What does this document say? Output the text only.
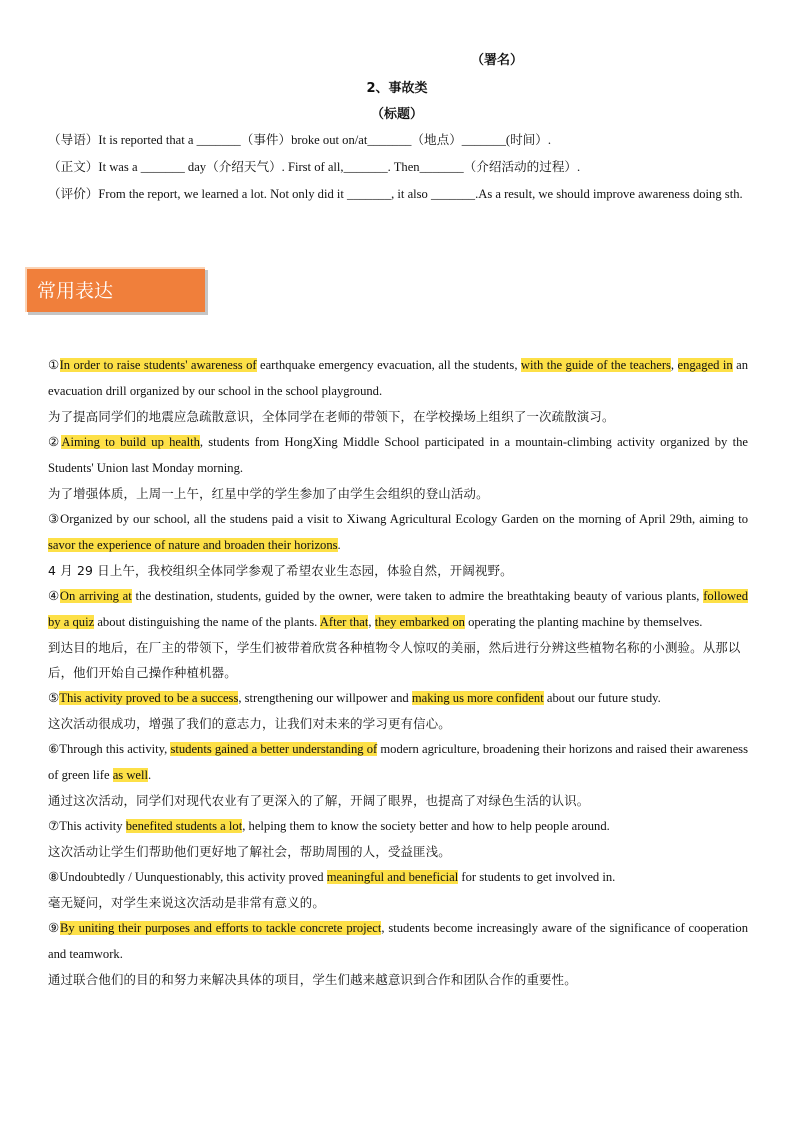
（署名）
2、事故类
（标题）

（导语）It is reported that a _______（事件）broke out on/at_______（地点）_______(时间）.

（正文）It was a _______ day（介绍天气）. First of all,_______. Then_______（介绍活动的过程）.

（评价）From the report, we learned a lot. Not only did it _______, it also _______.As a result, we should improve awareness doing sth.

常用表达

①In order to raise students' awareness of earthquake emergency evacuation, all the students, with the guide of the teachers, engaged in an evacuation drill organized by our school in the school playground.

为了提高同学们的地震应急疏散意识，全体同学在老师的带领下，在学校操场上组织了一次疏散演习。

②Aiming to build up health, students from HongXing Middle School participated in a mountain-climbing activity organized by the Students' Union last Monday morning.

为了增强体质，上周一上午，红星中学的学生参加了由学生会组织的登山活动。

③Organized by our school, all the studens paid a visit to Xiwang Agricultural Ecology Garden on the morning of April 29th, aiming to savor the experience of nature and broaden their horizons.

4 月 29 日上午，我校组织全体同学参观了希望农业生态园，体验自然，开阔视野。

④On arriving at the destination, students, guided by the owner, were taken to admire the breathtaking beauty of various plants, followed by a quiz about distinguishing the name of the plants. After that, they embarked on operating the planting machine by themselves.

到达目的地后，在厂主的带领下，学生们被带着欣赏各种植物令人惊叹的美丽，然后进行分辨这些植物名称的小测验。从那以后，他们开始自己操作种植机器。

⑤This activity proved to be a success, strengthening our willpower and making us more confident about our future study.

这次活动很成功，增强了我们的意志力，让我们对未来的学习更有信心。

⑥Through this activity, students gained a better understanding of modern agriculture, broadening their horizons and raised their awareness of green life as well.

通过这次活动，同学们对现代农业有了更深入的了解，开阔了眼界，也提高了对绿色生活的认识。

⑦This activity benefited students a lot, helping them to know the society better and how to help people around.

这次活动让学生们帮助他们更好地了解社会，帮助周围的人，受益匪浅。

⑧Undoubtedly / Uunquestionably, this activity proved meaningful and beneficial for students to get involved in.

毫无疑问，对学生来说这次活动是非常有意义的。

⑨By uniting their purposes and efforts to tackle concrete project, students become increasingly aware of the significance of cooperation and teamwork.

通过联合他们的目的和努力来解决具体的项目，学生们越来越意识到合作和团队合作的重要性。
